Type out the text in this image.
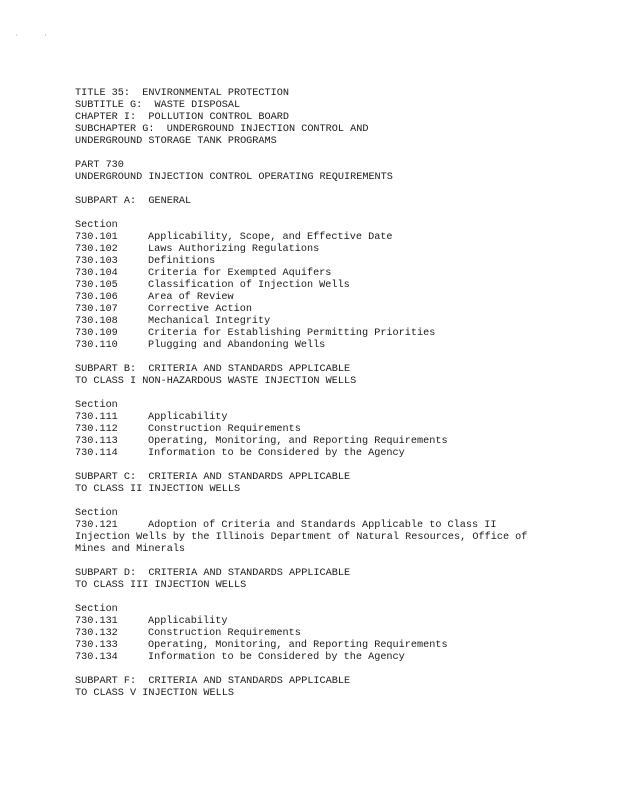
·       ·
TITLE 35:  ENVIRONMENTAL PROTECTION
SUBTITLE G:  WASTE DISPOSAL
CHAPTER I:  POLLUTION CONTROL BOARD
SUBCHAPTER G:  UNDERGROUND INJECTION CONTROL AND
UNDERGROUND STORAGE TANK PROGRAMS
PART 730
UNDERGROUND INJECTION CONTROL OPERATING REQUIREMENTS
SUBPART A:  GENERAL
Section
730.101	Applicability, Scope, and Effective Date
730.102	Laws Authorizing Regulations
730.103	Definitions
730.104	Criteria for Exempted Aquifers
730.105	Classification of Injection Wells
730.106	Area of Review
730.107	Corrective Action
730.108	Mechanical Integrity
730.109	Criteria for Establishing Permitting Priorities
730.110	Plugging and Abandoning Wells
SUBPART B:  CRITERIA AND STANDARDS APPLICABLE
TO CLASS I NON-HAZARDOUS WASTE INJECTION WELLS
Section
730.111	Applicability
730.112	Construction Requirements
730.113	Operating, Monitoring, and Reporting Requirements
730.114	Information to be Considered by the Agency
SUBPART C:  CRITERIA AND STANDARDS APPLICABLE
TO CLASS II INJECTION WELLS
Section
730.121	Adoption of Criteria and Standards Applicable to Class II Injection Wells by the Illinois Department of Natural Resources, Office of Mines and Minerals
SUBPART D:  CRITERIA AND STANDARDS APPLICABLE
TO CLASS III INJECTION WELLS
Section
730.131	Applicability
730.132	Construction Requirements
730.133	Operating, Monitoring, and Reporting Requirements
730.134	Information to be Considered by the Agency
SUBPART F:  CRITERIA AND STANDARDS APPLICABLE
TO CLASS V INJECTION WELLS
